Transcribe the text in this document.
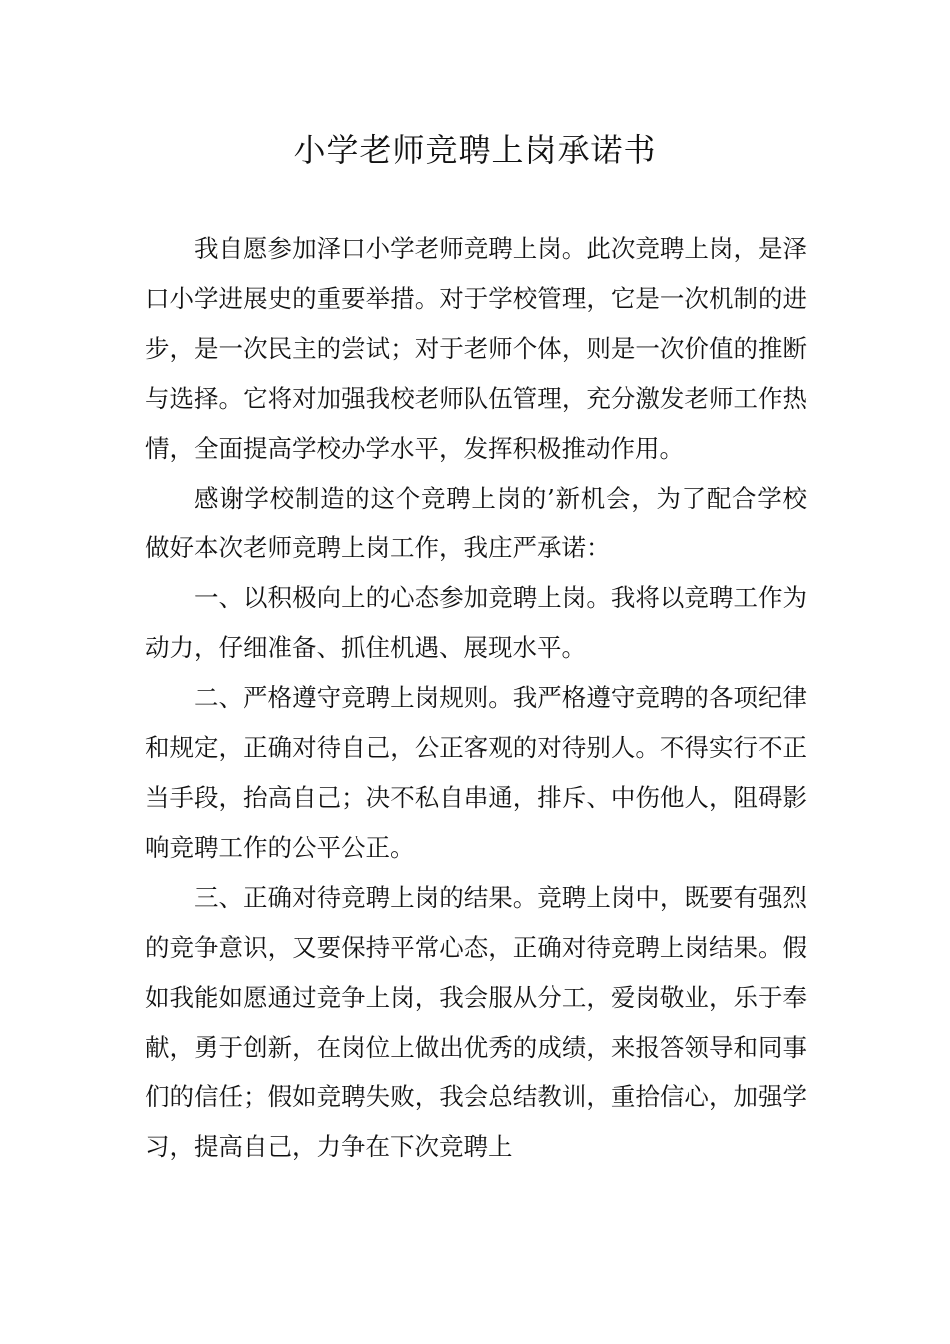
小学老师竞聘上岗承诺书

我自愿参加泽口小学老师竞聘上岗。此次竞聘上岗，是泽口小学进展史的重要举措。对于学校管理，它是一次机制的进步，是一次民主的尝试；对于老师个体，则是一次价值的推断与选择。它将对加强我校老师队伍管理，充分激发老师工作热情，全面提高学校办学水平，发挥积极推动作用。

感谢学校制造的这个竞聘上岗的’新机会，为了配合学校做好本次老师竞聘上岗工作，我庄严承诺：

一、以积极向上的心态参加竞聘上岗。我将以竞聘工作为动力，仔细准备、抓住机遇、展现水平。

二、严格遵守竞聘上岗规则。我严格遵守竞聘的各项纪律和规定，正确对待自己，公正客观的对待别人。不得实行不正当手段，抬高自己；决不私自串通，排斥、中伤他人，阻碍影响竞聘工作的公平公正。

三、正确对待竞聘上岗的结果。竞聘上岗中，既要有强烈的竞争意识，又要保持平常心态，正确对待竞聘上岗结果。假如我能如愿通过竞争上岗，我会服从分工，爱岗敬业，乐于奉献，勇于创新，在岗位上做出优秀的成绩，来报答领导和同事们的信任；假如竞聘失败，我会总结教训，重拾信心，加强学习，提高自己，力争在下次竞聘上
